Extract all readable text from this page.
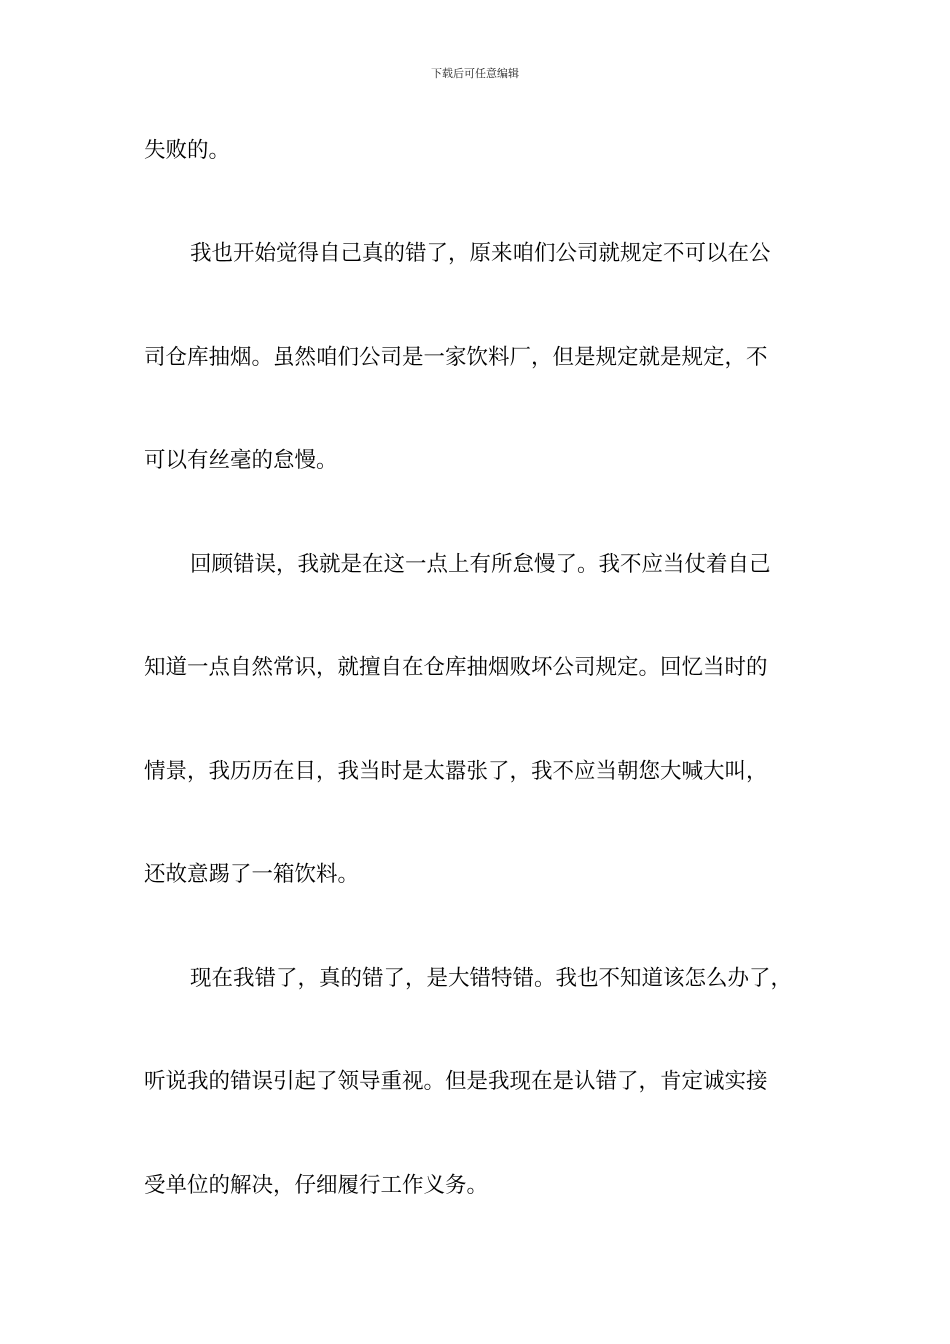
下载后可任意编辑
失败的。
我也开始觉得自己真的错了，原来咱们公司就规定不可以在公
司仓库抽烟。虽然咱们公司是一家饮料厂，但是规定就是规定，不
可以有丝毫的怠慢。
回顾错误，我就是在这一点上有所怠慢了。我不应当仗着自己
知道一点自然常识，就擅自在仓库抽烟败坏公司规定。回忆当时的
情景，我历历在目，我当时是太嚣张了，我不应当朝您大喊大叫，
还故意踢了一箱饮料。
现在我错了，真的错了，是大错特错。我也不知道该怎么办了，
听说我的错误引起了领导重视。但是我现在是认错了，肯定诚实接
受单位的解决，仔细履行工作义务。
